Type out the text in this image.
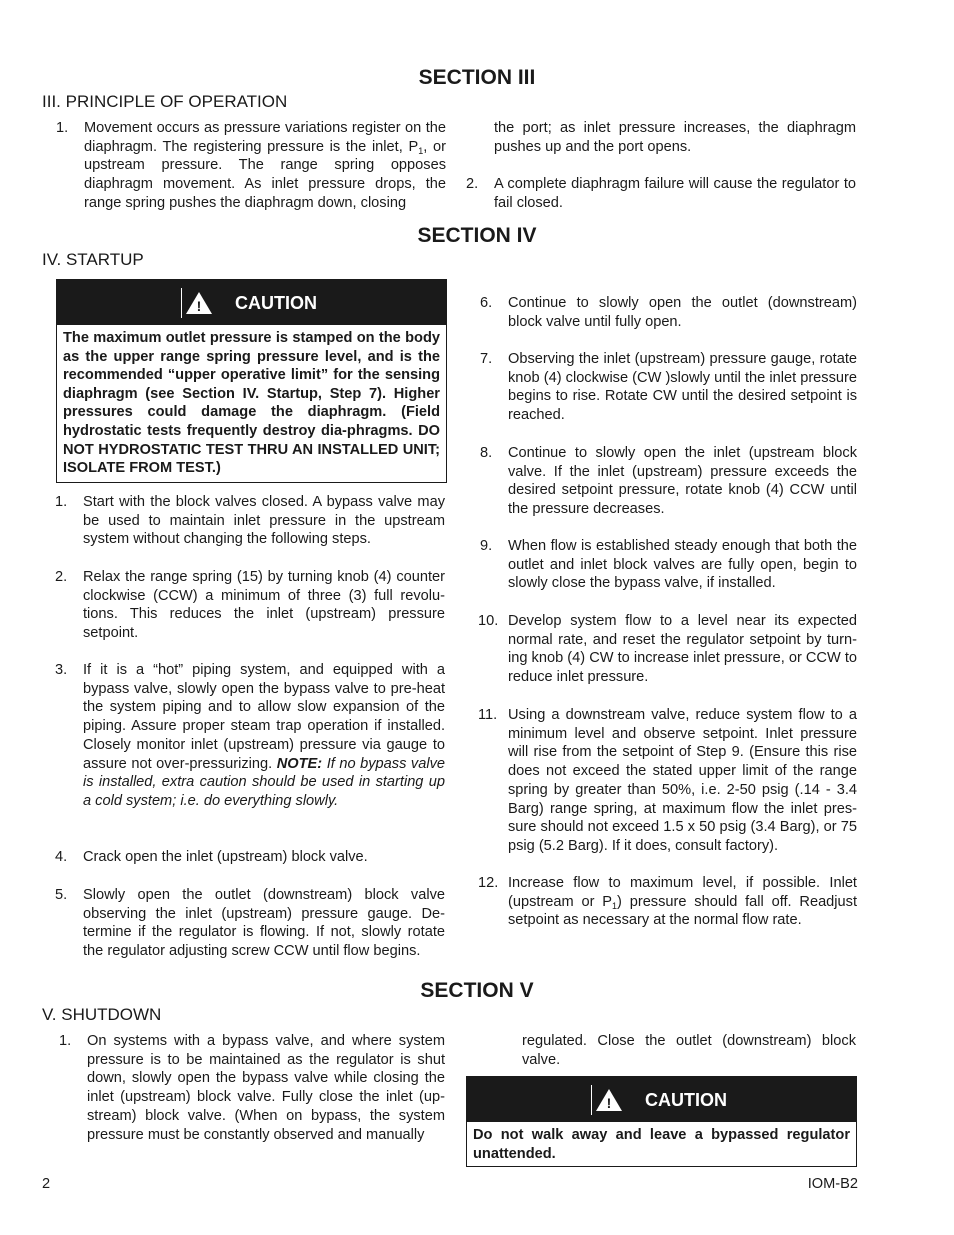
SECTION III
III. PRINCIPLE OF OPERATION
1.	Movement occurs as pressure variations register on the diaphragm. The registering pressure is the inlet, $P_1$, or upstream pressure. The range spring opposes diaphragm movement. As inlet pressure drops, the range spring pushes the diaphragm down, closing
the port; as inlet pressure increases, the diaphragm pushes up and the port opens.
2.	A complete diaphragm failure will cause the regulator to fail closed.
SECTION IV
IV. STARTUP
!	CAUTION
The maximum outlet pressure is stamped on the body as the upper range spring pressure level, and is the recommended “upper operative limit” for the sensing diaphragm (see Section IV. Startup, Step 7). Higher pressures could damage the diaphragm. (Field hydrostatic tests frequently destroy dia-phragms. DO NOT HYDROSTATIC TEST THRU AN INSTALLED UNIT; ISOLATE FROM TEST.)
1.	Start with the block valves closed. A bypass valve may be used to maintain inlet pressure in the upstream system without changing the following steps.
2.	Relax the range spring (15) by turning knob (4) counter clockwise (CCW) a minimum of three (3) full revolu-tions. This reduces the inlet (upstream) pressure setpoint.
3.	If it is a “hot” piping system, and equipped with a bypass valve, slowly open the bypass valve to pre-heat the system piping and to allow slow expansion of the piping. Assure proper steam trap operation if installed. Closely monitor inlet (upstream) pressure via gauge to assure not over-pressurizing. NOTE: If no bypass valve is installed, extra caution should be used in starting up a cold system; i.e. do everything slowly.
4.	Crack open the inlet (upstream) block valve.
5.	Slowly open the outlet (downstream) block valve observing the inlet (upstream) pressure gauge. De-termine if the regulator is flowing. If not, slowly rotate the regulator adjusting screw CCW until flow begins.
6.	Continue to slowly open the outlet (downstream) block valve until fully open.
7.	Observing the inlet (upstream) pressure gauge, rotate knob (4) clockwise (CW )slowly until the inlet pressure begins to rise. Rotate CW until the desired setpoint is reached.
8.	Continue to slowly open the inlet (upstream block valve. If the inlet (upstream) pressure exceeds the desired setpoint pressure, rotate knob (4) CCW until the pressure decreases.
9.	When flow is established steady enough that both the outlet and inlet block valves are fully open, begin to slowly close the bypass valve, if installed.
10. Develop system flow to a level near its expected normal rate, and reset the regulator setpoint by turn-ing knob (4) CW to increase inlet pressure, or CCW to reduce inlet pressure.
11. Using a downstream valve, reduce system flow to a minimum level and observe setpoint. Inlet pressure will rise from the setpoint of Step 9. (Ensure this rise does not exceed the stated upper limit of the range spring by greater than 50%, i.e. 2-50 psig (.14 - 3.4 Barg) range spring, at maximum flow the inlet pres-sure should not exceed 1.5 x 50 psig (3.4 Barg), or 75 psig (5.2 Barg). If it does, consult factory).
12. Increase flow to maximum level, if possible. Inlet (upstream or $P_1$) pressure should fall off. Readjust setpoint as necessary at the normal flow rate.
SECTION V
V. SHUTDOWN
1.	On systems with a bypass valve, and where system pressure is to be maintained as the regulator is shut down, slowly open the bypass valve while closing the inlet (upstream) block valve. Fully close the inlet (up-stream) block valve. (When on bypass, the system pressure must be constantly observed and manually
regulated. Close the outlet (downstream) block valve.
!	CAUTION
Do not walk away and leave a bypassed regulator unattended.
2	IOM-B2
